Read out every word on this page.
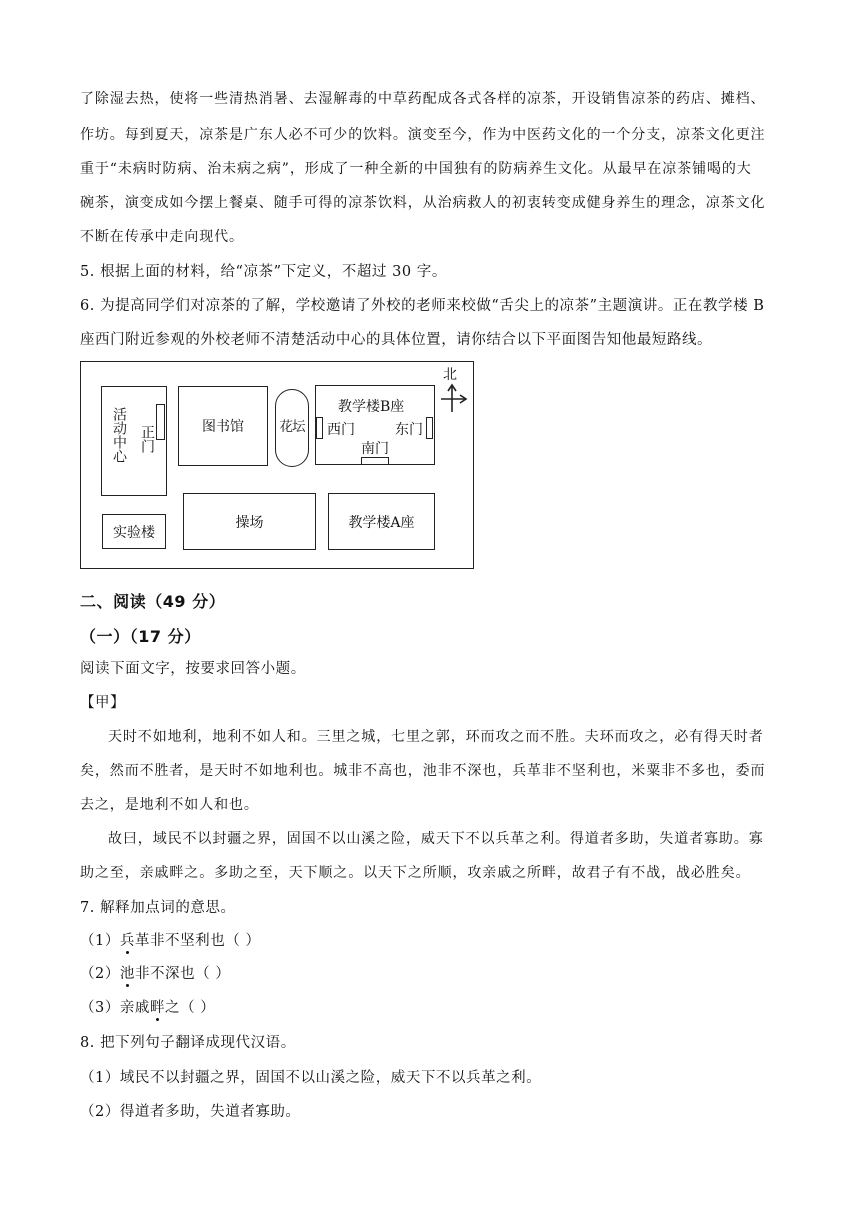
了除湿去热，使将一些清热消暑、去湿解毒的中草药配成各式各样的凉茶，开设销售凉茶的药店、摊档、
作坊。每到夏天，凉茶是广东人必不可少的饮料。演变至今，作为中医药文化的一个分支，凉茶文化更注
重于“未病时防病、治未病之病”，形成了一种全新的中国独有的防病养生文化。从最早在凉茶铺喝的大
碗茶，演变成如今摆上餐桌、随手可得的凉茶饮料，从治病救人的初衷转变成健身养生的理念，凉茶文化
不断在传承中走向现代。
5. 根据上面的材料，给“凉茶”下定义，不超过 30 字。
6. 为提高同学们对凉茶的了解，学校邀请了外校的老师来校做“舌尖上的凉茶”主题演讲。正在教学楼 B
座西门附近参观的外校老师不清楚活动中心的具体位置，请你结合以下平面图告知他最短路线。
活动中心 正门	图书馆	花坛
教学楼B座
西门	东门
南门
北
实验楼
操场	教学楼A座
二、阅读（49 分）
（一）（17 分）
阅读下面文字，按要求回答小题。
【甲】
天时不如地利，地利不如人和。三里之城，七里之郭，环而攻之而不胜。夫环而攻之，必有得天时者
矣，然而不胜者，是天时不如地利也。城非不高也，池非不深也，兵革非不坚利也，米粟非不多也，委而
去之，是地利不如人和也。
故曰，域民不以封疆之界，固国不以山溪之险，威天下不以兵革之利。得道者多助，失道者寡助。寡
助之至，亲戚畔之。多助之至，天下顺之。以天下之所顺，攻亲戚之所畔，故君子有不战，战必胜矣。
7. 解释加点词的意思。
（1）兵革非不坚利也（ ）
（2）池非不深也（ ）
（3）亲戚畔之（ ）
8. 把下列句子翻译成现代汉语。
（1）域民不以封疆之界，固国不以山溪之险，威天下不以兵革之利。
（2）得道者多助，失道者寡助。
